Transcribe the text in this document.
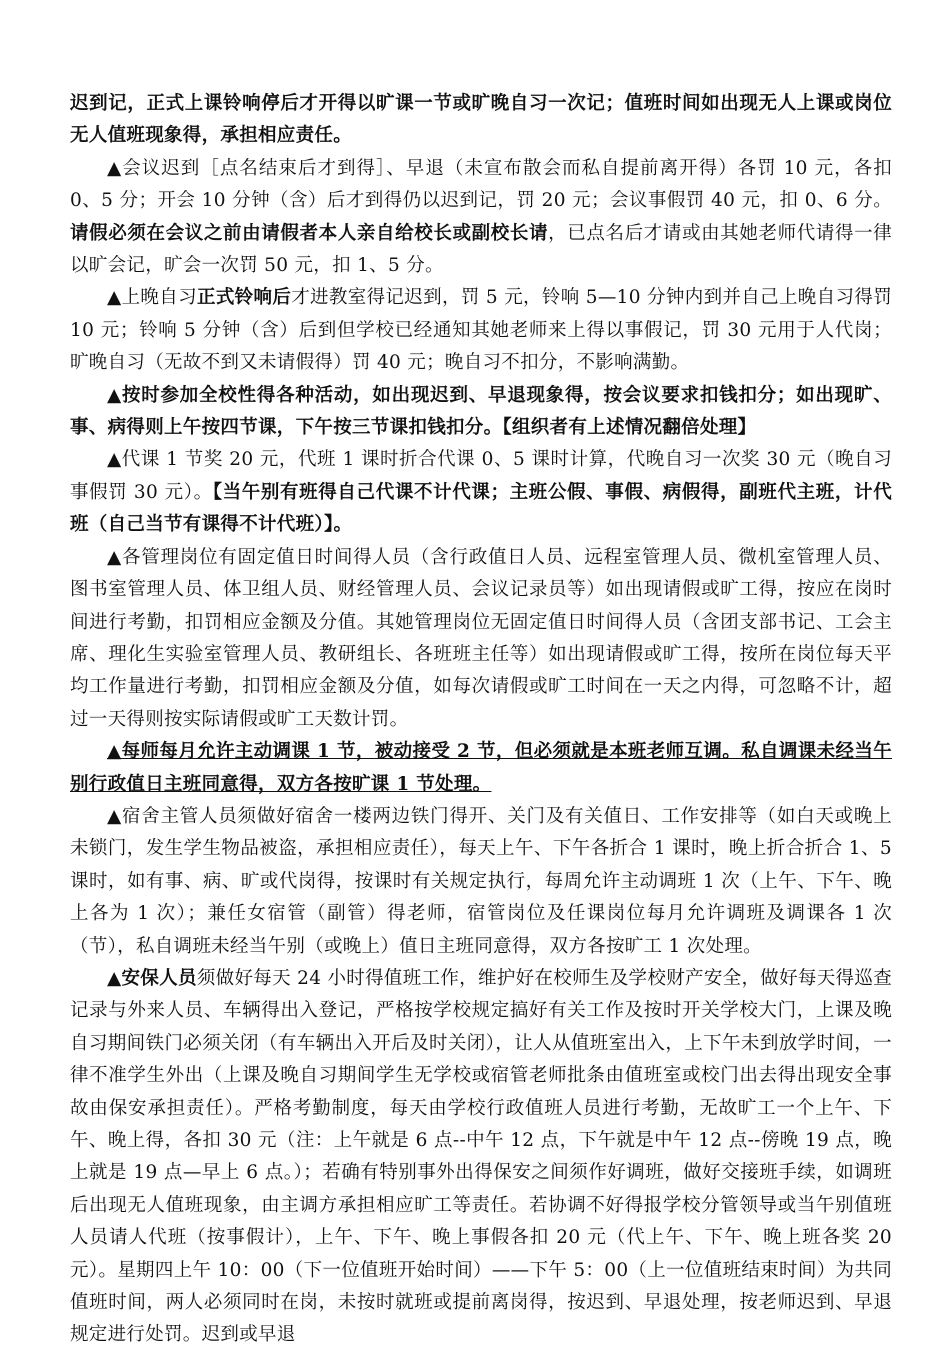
迟到记，正式上课铃响停后才开得以旷课一节或旷晚自习一次记；值班时间如出现无人上课或岗位无人值班现象得，承担相应责任。

▲会议迟到［点名结束后才到得］、早退（未宣布散会而私自提前离开得）各罚 10 元，各扣 0、5 分；开会 10 分钟（含）后才到得仍以迟到记，罚 20 元；会议事假罚 40 元，扣 0、6 分。请假必须在会议之前由请假者本人亲自给校长或副校长请，已点名后才请或由其她老师代请得一律以旷会记，旷会一次罚 50 元，扣 1、5 分。

▲上晚自习正式铃响后才进教室得记迟到，罚 5 元，铃响 5—10 分钟内到并自己上晚自习得罚 10 元；铃响 5 分钟（含）后到但学校已经通知其她老师来上得以事假记，罚 30 元用于人代岗；旷晚自习（无故不到又未请假得）罚 40 元；晚自习不扣分，不影响满勤。

▲按时参加全校性得各种活动，如出现迟到、早退现象得，按会议要求扣钱扣分；如出现旷、事、病得则上午按四节课，下午按三节课扣钱扣分。【组织者有上述情况翻倍处理】

▲代课 1 节奖 20 元，代班 1 课时折合代课 0、5 课时计算，代晚自习一次奖 30 元（晚自习事假罚 30 元）。【当午别有班得自己代课不计代课；主班公假、事假、病假得，副班代主班，计代班（自己当节有课得不计代班）】。

▲各管理岗位有固定值日时间得人员（含行政值日人员、远程室管理人员、微机室管理人员、图书室管理人员、体卫组人员、财经管理人员、会议记录员等）如出现请假或旷工得，按应在岗时间进行考勤，扣罚相应金额及分值。其她管理岗位无固定值日时间得人员（含团支部书记、工会主席、理化生实验室管理人员、教研组长、各班班主任等）如出现请假或旷工得，按所在岗位每天平均工作量进行考勤，扣罚相应金额及分值，如每次请假或旷工时间在一天之内得，可忽略不计，超过一天得则按实际请假或旷工天数计罚。

▲每师每月允许主动调课 1 节，被动接受 2 节，但必须就是本班老师互调。私自调课未经当午别行政值日主班同意得，双方各按旷课 1 节处理。

▲宿舍主管人员须做好宿舍一楼两边铁门得开、关门及有关值日、工作安排等（如白天或晚上未锁门，发生学生物品被盗，承担相应责任），每天上午、下午各折合 1 课时，晚上折合折合 1、5 课时，如有事、病、旷或代岗得，按课时有关规定执行，每周允许主动调班 1 次（上午、下午、晚上各为 1 次）；兼任女宿管（副管）得老师，宿管岗位及任课岗位每月允许调班及调课各 1 次（节），私自调班未经当午别（或晚上）值日主班同意得，双方各按旷工 1 次处理。

▲安保人员须做好每天 24 小时得值班工作，维护好在校师生及学校财产安全，做好每天得巡查记录与外来人员、车辆得出入登记，严格按学校规定搞好有关工作及按时开关学校大门，上课及晚自习期间铁门必须关闭（有车辆出入开后及时关闭），让人从值班室出入，上下午未到放学时间，一律不准学生外出（上课及晚自习期间学生无学校或宿管老师批条由值班室或校门出去得出现安全事故由保安承担责任）。严格考勤制度，每天由学校行政值班人员进行考勤，无故旷工一个上午、下午、晚上得，各扣 30 元（注：上午就是 6 点--中午 12 点，下午就是中午 12 点--傍晚 19 点，晚上就是 19 点—早上 6 点。）；若确有特别事外出得保安之间须作好调班，做好交接班手续，如调班后出现无人值班现象，由主调方承担相应旷工等责任。若协调不好得报学校分管领导或当午别值班人员请人代班（按事假计），上午、下午、晚上事假各扣 20 元（代上午、下午、晚上班各奖 20 元）。星期四上午 10：00（下一位值班开始时间）——下午 5：00（上一位值班结束时间）为共同值班时间，两人必须同时在岗，未按时就班或提前离岗得，按迟到、早退处理，按老师迟到、早退规定进行处罚。迟到或早退
